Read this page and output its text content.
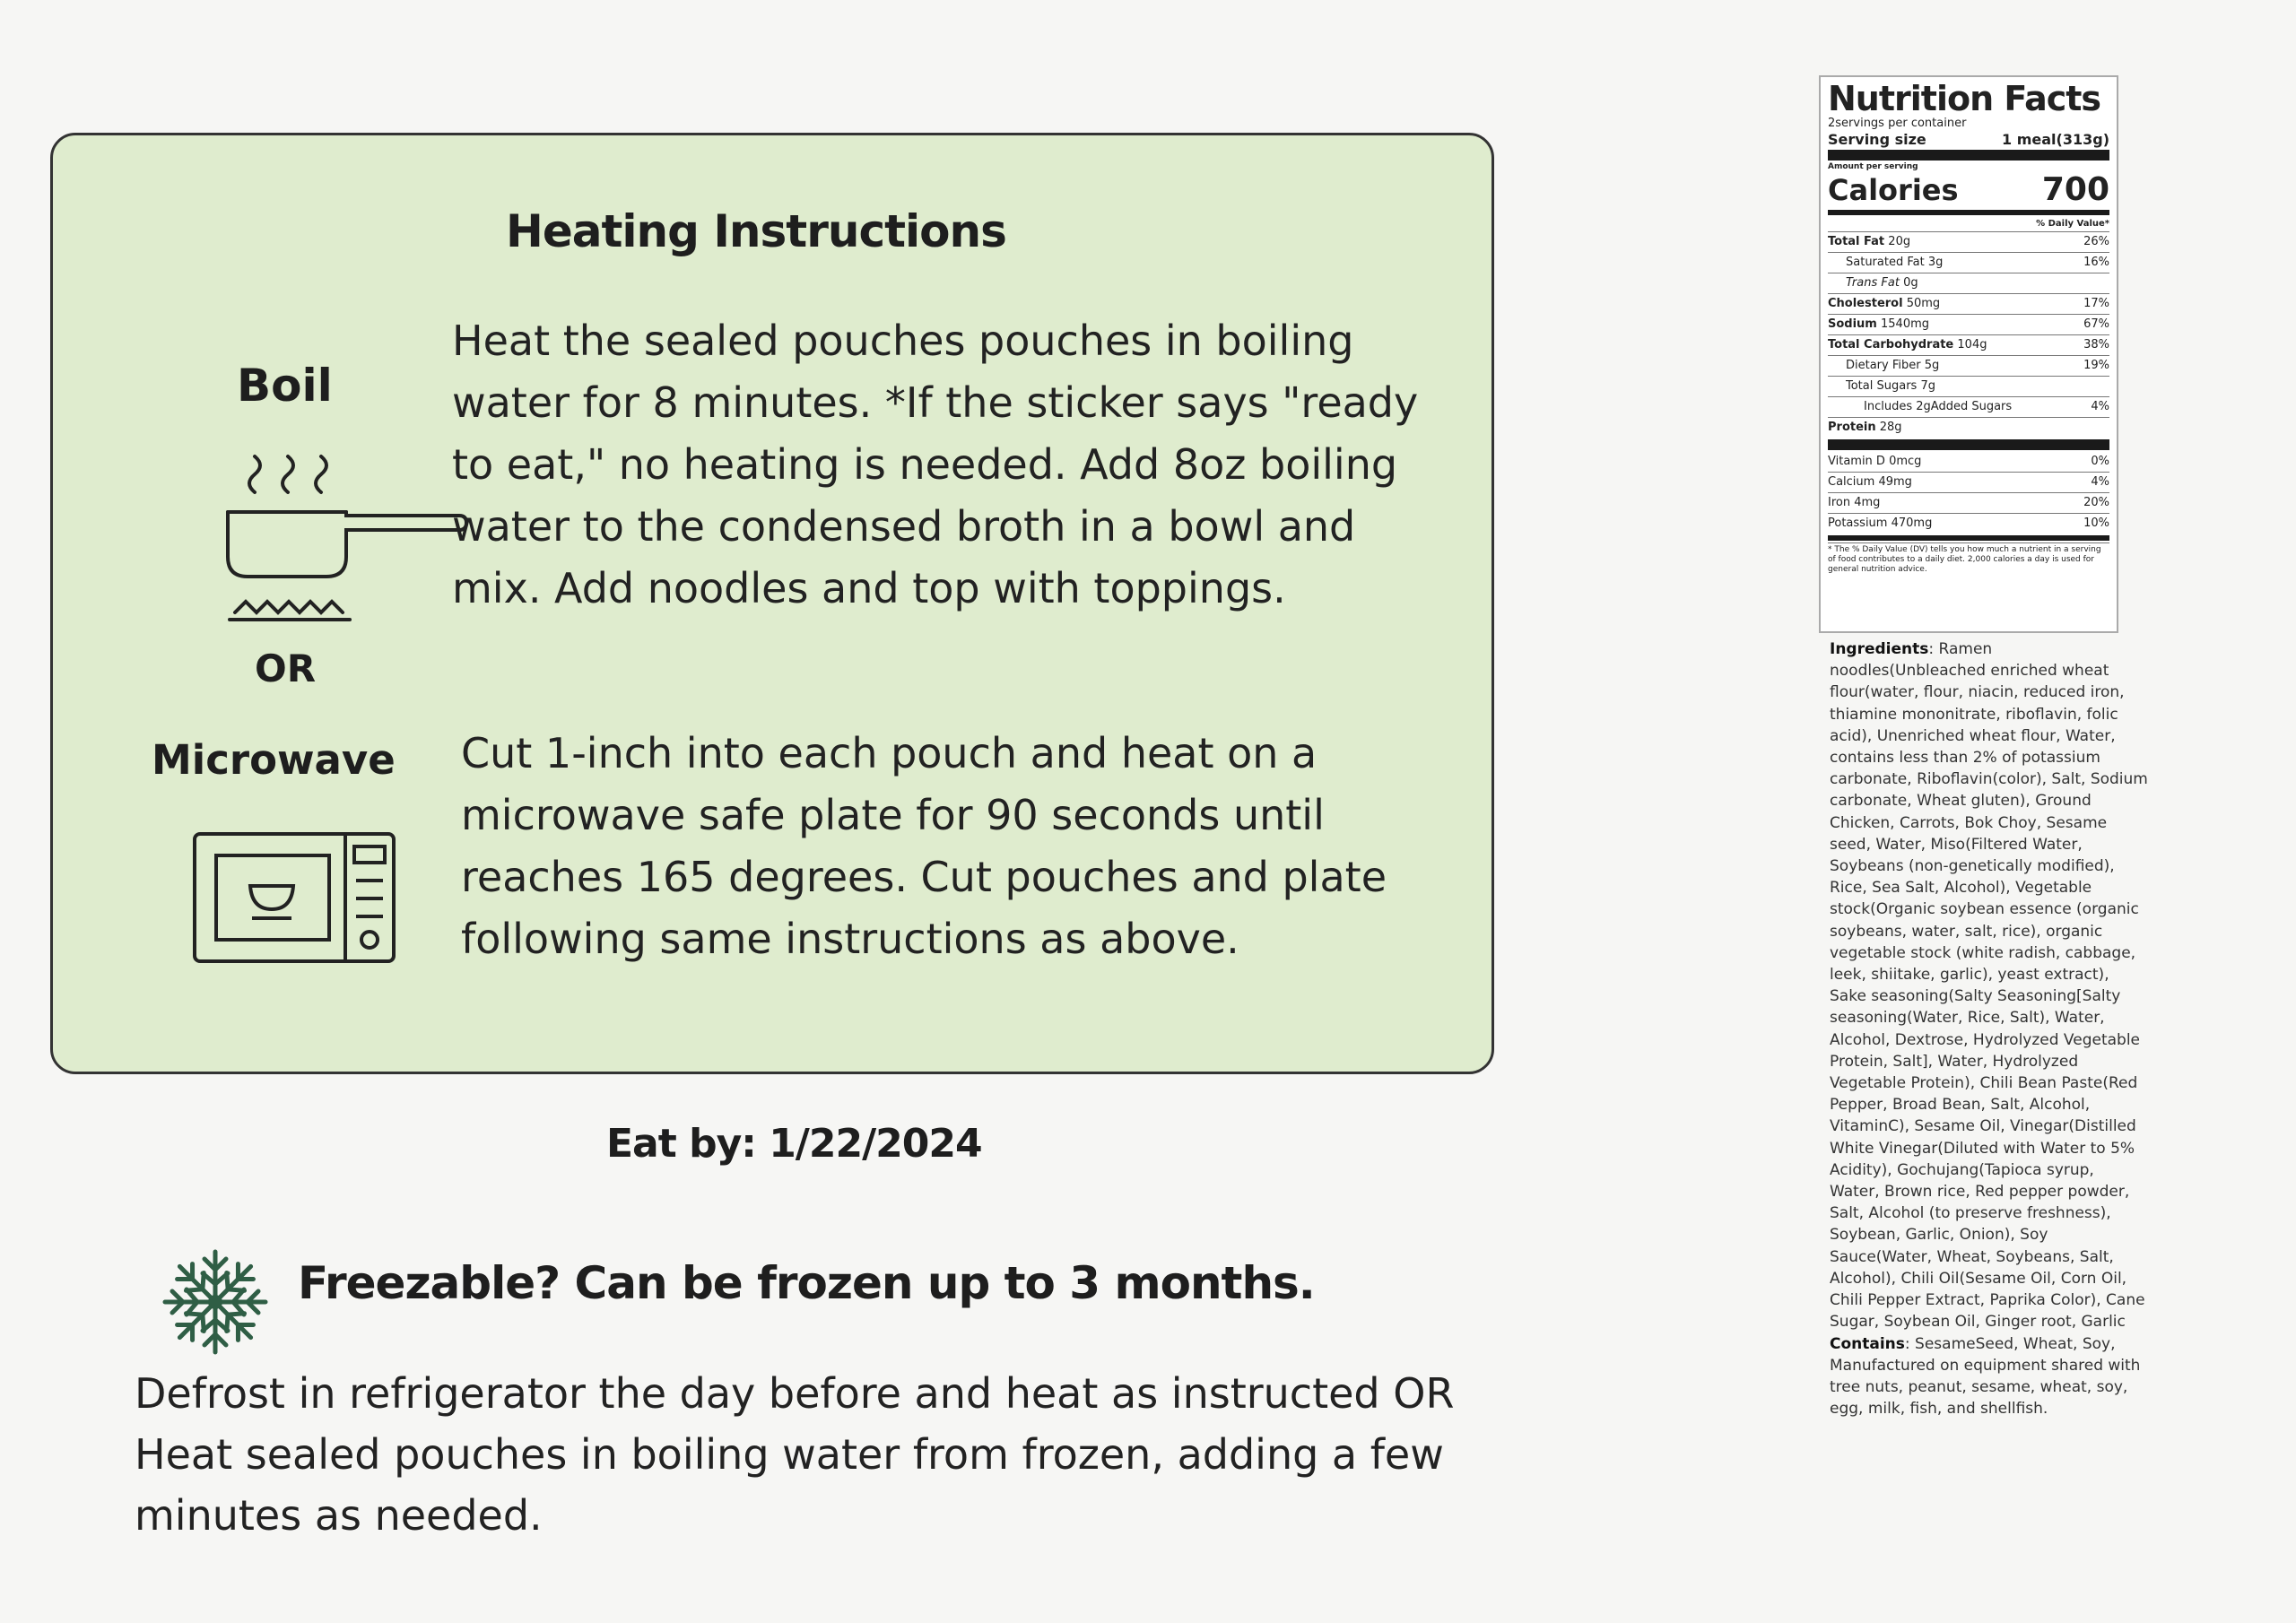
Heating Instructions
Boil
OR
Heat the sealed pouches pouches in boiling water for 8 minutes. *If the sticker says "ready to eat," no heating is needed. Add 8oz boiling water to the condensed broth in a bowl and mix. Add noodles and top with toppings.
Microwave Cut 1-inch into each pouch and heat on a microwave safe plate for 90 seconds until reaches 165 degrees. Cut pouches and plate following same instructions as above.
Eat by: 1/22/2024
Freezable? Can be frozen up to 3 months.
Defrost in refrigerator the day before and heat as instructed OR Heat sealed pouches in boiling water from frozen, adding a few minutes as needed.
Nutrition Facts
2servings per container
Serving size	1 meal(313g)
Amount per serving
Calories	700
% Daily Value*
Total Fat 20g	26%
Saturated Fat 3g	16%
Trans Fat 0g
Cholesterol 50mg	17%
Sodium 1540mg	67%
Total Carbohydrate 104g	38%
Dietary Fiber 5g	19%
Total Sugars 7g
Includes 2gAdded Sugars	4%
Protein 28g
Vitamin D 0mcg	0%
Calcium 49mg	4%
Iron 4mg	20%
Potassium 470mg	10%
* The % Daily Value (DV) tells you how much a nutrient in a serving of food contributes to a daily diet. 2,000 calories a day is used for general nutrition advice.
Ingredients: Ramen noodles(Unbleached enriched wheat flour(water, flour, niacin, reduced iron, thiamine mononitrate, riboflavin, folic acid), Unenriched wheat flour, Water, contains less than 2% of potassium carbonate, Riboflavin(color), Salt, Sodium carbonate, Wheat gluten), Ground Chicken, Carrots, Bok Choy, Sesame seed, Water, Miso(Filtered Water, Soybeans (non-genetically modified), Rice, Sea Salt, Alcohol), Vegetable stock(Organic soybean essence (organic soybeans, water, salt, rice), organic vegetable stock (white radish, cabbage, leek, shiitake, garlic), yeast extract), Sake seasoning(Salty Seasoning[Salty seasoning(Water, Rice, Salt), Water, Alcohol, Dextrose, Hydrolyzed Vegetable Protein, Salt], Water, Hydrolyzed Vegetable Protein), Chili Bean Paste(Red Pepper, Broad Bean, Salt, Alcohol, VitaminC), Sesame Oil, Vinegar(Distilled White Vinegar(Diluted with Water to 5% Acidity), Gochujang(Tapioca syrup, Water, Brown rice, Red pepper powder, Salt, Alcohol (to preserve freshness), Soybean, Garlic, Onion), Soy Sauce(Water, Wheat, Soybeans, Salt, Alcohol), Chili Oil(Sesame Oil, Corn Oil, Chili Pepper Extract, Paprika Color), Cane Sugar, Soybean Oil, Ginger root, Garlic
Contains: SesameSeed, Wheat, Soy, Manufactured on equipment shared with tree nuts, peanut, sesame, wheat, soy, egg, milk, fish, and shellfish.
